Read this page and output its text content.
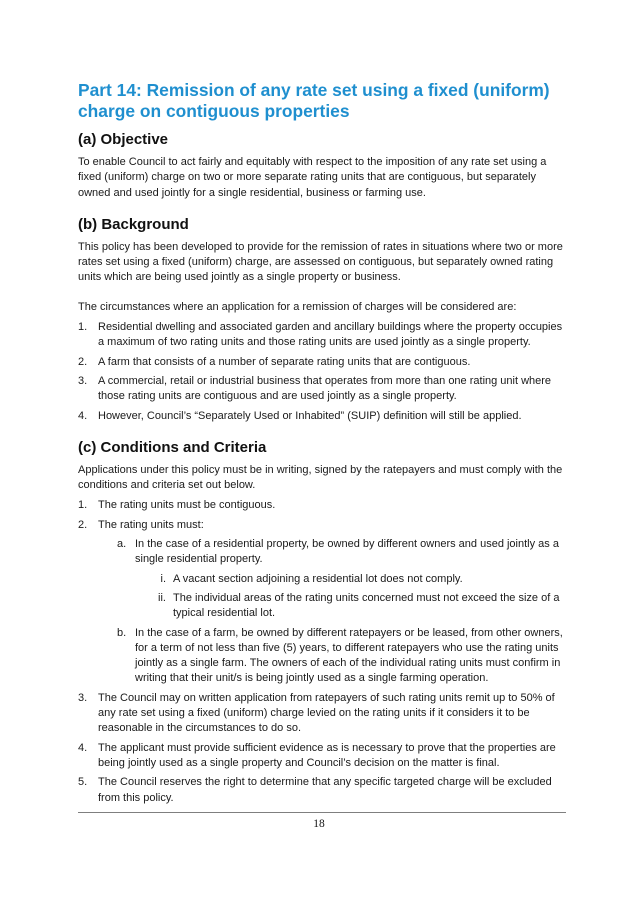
Part 14: Remission of any rate set using a fixed (uniform) charge on contiguous properties
(a) Objective

To enable Council to act fairly and equitably with respect to the imposition of any rate set using a fixed (uniform) charge on two or more separate rating units that are contiguous, but separately owned and used jointly for a single residential, business or farming use.

(b) Background

This policy has been developed to provide for the remission of rates in situations where two or more rates set using a fixed (uniform) charge, are assessed on contiguous, but separately owned rating units which are being used jointly as a single property or business.

The circumstances where an application for a remission of charges will be considered are:

1. Residential dwelling and associated garden and ancillary buildings where the property occupies a maximum of two rating units and those rating units are used jointly as a single property.
2. A farm that consists of a number of separate rating units that are contiguous.
3. A commercial, retail or industrial business that operates from more than one rating unit where those rating units are contiguous and are used jointly as a single property.
4. However, Council’s “Separately Used or Inhabited” (SUIP) definition will still be applied.
(c) Conditions and Criteria

Applications under this policy must be in writing, signed by the ratepayers and must comply with the conditions and criteria set out below.

1. The rating units must be contiguous.
2. The rating units must:
a. In the case of a residential property, be owned by different owners and used jointly as a single residential property.
i. A vacant section adjoining a residential lot does not comply.
ii. The individual areas of the rating units concerned must not exceed the size of a typical residential lot.
b. In the case of a farm, be owned by different ratepayers or be leased, from other owners, for a term of not less than five (5) years, to different ratepayers who use the rating units jointly as a single farm. The owners of each of the individual rating units must confirm in writing that their unit/s is being jointly used as a single farming operation.
3. The Council may on written application from ratepayers of such rating units remit up to 50% of any rate set using a fixed (uniform) charge levied on the rating units if it considers it to be reasonable in the circumstances to do so.
4. The applicant must provide sufficient evidence as is necessary to prove that the properties are being jointly used as a single property and Council’s decision on the matter is final.
5. The Council reserves the right to determine that any specific targeted charge will be excluded from this policy.
18
